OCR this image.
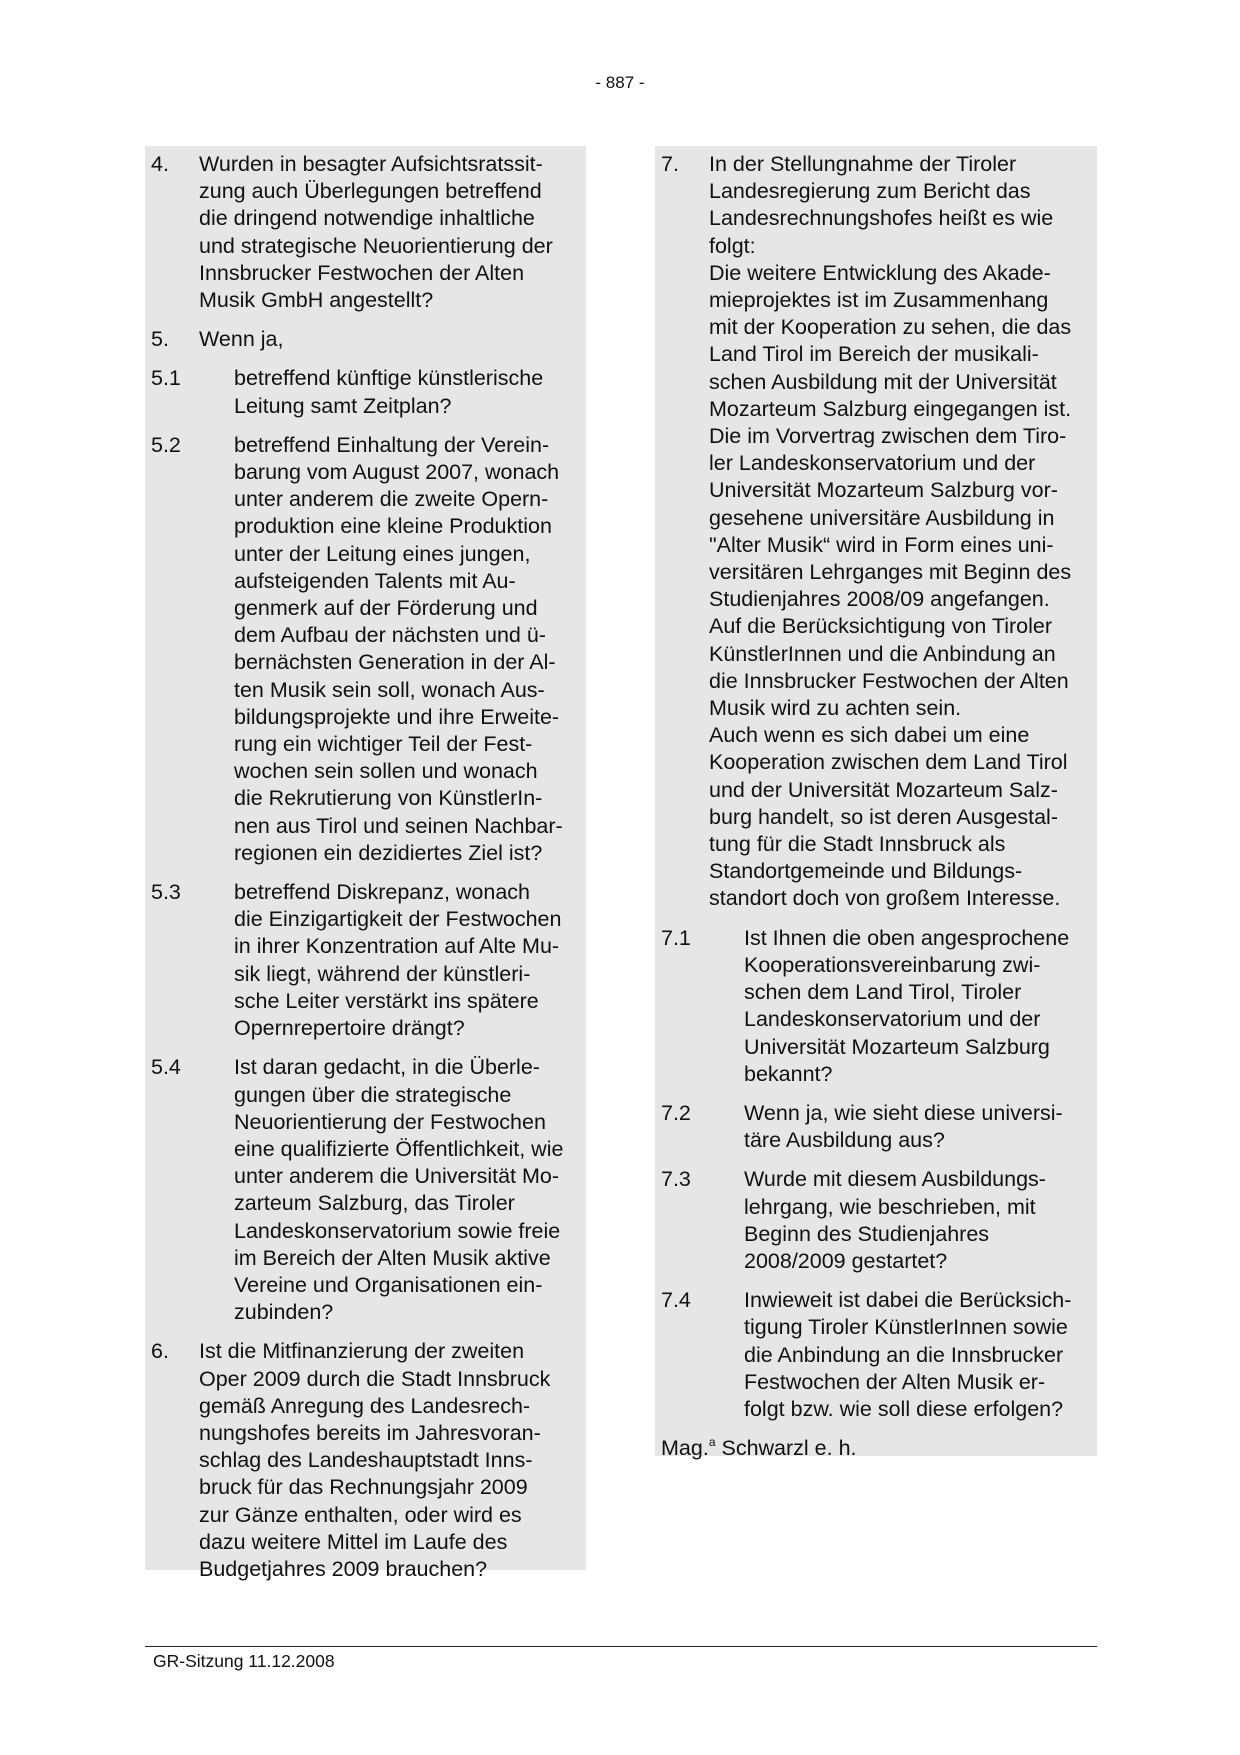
- 887 -
4.	Wurden in besagter Aufsichtsratssit-
zung auch Überlegungen betreffend
die dringend notwendige inhaltliche
und strategische Neuorientierung der
Innsbrucker Festwochen der Alten
Musik GmbH angestellt?
5.	Wenn ja,
5.1	betreffend künftige künstlerische
Leitung samt Zeitplan?
5.2	betreffend Einhaltung der Verein-
barung vom August 2007, wonach
unter anderem die zweite Opern-
produktion eine kleine Produktion
unter der Leitung eines jungen,
aufsteigenden Talents mit Au-
genmerk auf der Förderung und
dem Aufbau der nächsten und ü-
bernächsten Generation in der Al-
ten Musik sein soll, wonach Aus-
bildungsprojekte und ihre Erweite-
rung ein wichtiger Teil der Fest-
wochen sein sollen und wonach
die Rekrutierung von KünstlerIn-
nen aus Tirol und seinen Nachbar-
regionen ein dezidiertes Ziel ist?
5.3	betreffend Diskrepanz, wonach
die Einzigartigkeit der Festwochen
in ihrer Konzentration auf Alte Mu-
sik liegt, während der künstleri-
sche Leiter verstärkt ins spätere
Opernrepertoire drängt?
5.4	Ist daran gedacht, in die Überle-
gungen über die strategische
Neuorientierung der Festwochen
eine qualifizierte Öffentlichkeit, wie
unter anderem die Universität Mo-
zarteum Salzburg, das Tiroler
Landeskonservatorium sowie freie
im Bereich der Alten Musik aktive
Vereine und Organisationen ein-
zubinden?
6.	Ist die Mitfinanzierung der zweiten
Oper 2009 durch die Stadt Innsbruck
gemäß Anregung des Landesrech-
nungshofes bereits im Jahresvoran-
schlag des Landeshauptstadt Inns-
bruck für das Rechnungsjahr 2009
zur Gänze enthalten, oder wird es
dazu weitere Mittel im Laufe des
Budgetjahres 2009 brauchen?
7.	In der Stellungnahme der Tiroler
Landesregierung zum Bericht das
Landesrechnungshofes heißt es wie
folgt:
Die weitere Entwicklung des Akade-
mieprojektes ist im Zusammenhang
mit der Kooperation zu sehen, die das
Land Tirol im Bereich der musikali-
schen Ausbildung mit der Universität
Mozarteum Salzburg eingegangen ist.
Die im Vorvertrag zwischen dem Tiro-
ler Landeskonservatorium und der
Universität Mozarteum Salzburg vor-
gesehene universitäre Ausbildung in
"Alter Musik“ wird in Form eines uni-
versitären Lehrganges mit Beginn des
Studienjahres 2008/09 angefangen.
Auf die Berücksichtigung von Tiroler
KünstlerInnen und die Anbindung an
die Innsbrucker Festwochen der Alten
Musik wird zu achten sein.
Auch wenn es sich dabei um eine
Kooperation zwischen dem Land Tirol
und der Universität Mozarteum Salz-
burg handelt, so ist deren Ausgestal-
tung für die Stadt Innsbruck als
Standortgemeinde und Bildungs-
standort doch von großem Interesse.
7.1	Ist Ihnen die oben angesprochene
Kooperationsvereinbarung zwi-
schen dem Land Tirol, Tiroler
Landeskonservatorium und der
Universität Mozarteum Salzburg
bekannt?
7.2	Wenn ja, wie sieht diese universi-
täre Ausbildung aus?
7.3	Wurde mit diesem Ausbildungs-
lehrgang, wie beschrieben, mit
Beginn des Studienjahres
2008/2009 gestartet?
7.4	Inwieweit ist dabei die Berücksich-
tigung Tiroler KünstlerInnen sowie
die Anbindung an die Innsbrucker
Festwochen der Alten Musik er-
folgt bzw. wie soll diese erfolgen?
Mag.$^a$ Schwarzl e. h.
GR-Sitzung 11.12.2008
